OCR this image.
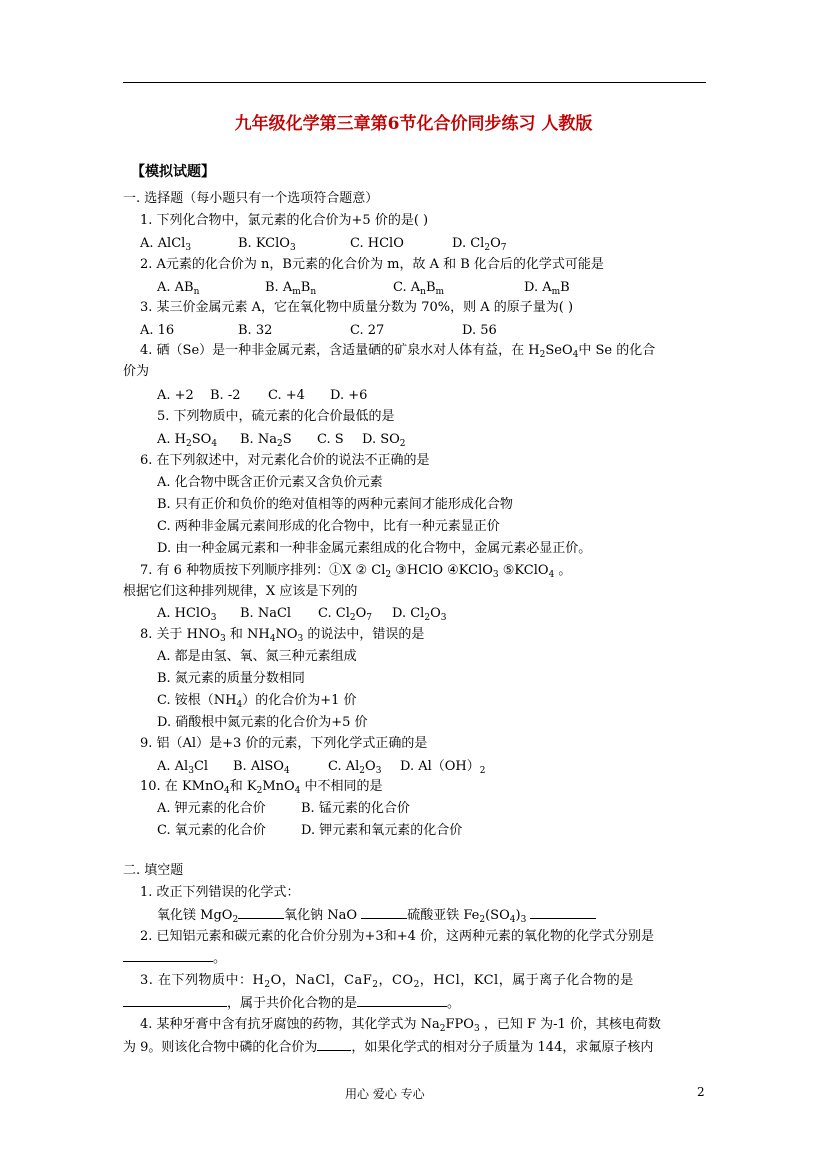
九年级化学第三章第6节化合价同步练习 人教版
【模拟试题】
一. 选择题（每小题只有一个选项符合题意）
1. 下列化合物中，氯元素的化合价为+5 价的是( )
A. AlCl$_3$	B. KClO$_3$	C. HClO	D. $Cl_2O_7$
2. A元素的化合价为 n，B元素的化合价为 m，故 A 和 B 化合后的化学式可能是
A. $AB_n$	B. $A_mB_n$	C. $A_nB_m$	D. $A_mB$
3. 某三价金属元素 A，它在氧化物中质量分数为 70%，则 A 的原子量为( )
A. 16	B. 32	C. 27	D. 56
4. 硒（Se）是一种非金属元素，含适量硒的矿泉水对人体有益，在 $H_2SeO_4$中 Se 的化合
价为
A. +2 B. -2 C. +4 D. +6
5. 下列物质中，硫元素的化合价最低的是
A. $H_2SO_4$ B. $Na_2S$ C. S D. $SO_2$
6. 在下列叙述中，对元素化合价的说法不正确的是
A. 化合物中既含正价元素又含负价元素
B. 只有正价和负价的绝对值相等的两种元素间才能形成化合物
C. 两种非金属元素间形成的化合物中，比有一种元素显正价
D. 由一种金属元素和一种非金属元素组成的化合物中，金属元素必显正价。
7. 有 6 种物质按下列顺序排列：①X ② $Cl_2$ ③HClO ④KClO$_3$ ⑤KClO$_4$ 。
根据它们这种排列规律，X 应该是下列的
A. HClO$_3$ B. NaCl C. $Cl_2O_7$ D. $Cl_2O_3$
8. 关于 $HNO_3$ 和 $NH_4NO_3$ 的说法中，错误的是
A. 都是由氢、氧、氮三种元素组成
B. 氮元素的质量分数相同
C. 铵根$(NH_4)$的化合价为+1 价
D. 硝酸根中氮元素的化合价为+5 价
9. 铝（Al）是+3 价的元素，下列化学式正确的是
A. $Al_3Cl$ B. AlSO$_4$	C. $Al_2O_3$ D. $Al(OH)_2$
10. 在 KMnO$_4$和 $K_2MnO_4$ 中不相同的是
A. 钾元素的化合价	B. 锰元素的化合价
C. 氧元素的化合价	D. 钾元素和氧元素的化合价
二. 填空题
1. 改正下列错误的化学式：
氧化镁 MgO$_2$	氧化钠 NaO	硫酸亚铁 $Fe_2(SO_4)_3$
2. 已知铝元素和碳元素的化合价分别为+3和+4 价，这两种元素的氧化物的化学式分别是
。
3. 在下列物质中：$H_2O$，NaCl，CaF$_2$，$CO_2$，HCl，KCl，属于离子化合物的是
，属于共价化合物的是	。
4. 某种牙膏中含有抗牙腐蚀的药物，其化学式为 $Na_2FPO_3$ ，已知 F 为-1 价，其核电荷数
为 9。则该化合物中磷的化合价为	，如果化学式的相对分子质量为 144，求氟原子核内
用心 爱心 专心	2
